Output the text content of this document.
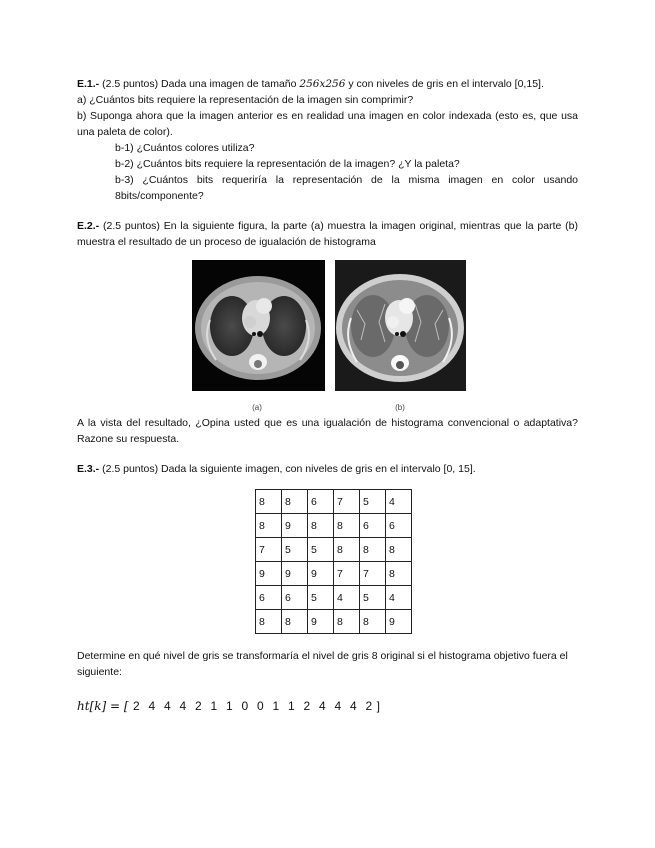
E.1.- (2.5 puntos) Dada una imagen de tamaño 256x256 y con niveles de gris en el intervalo [0,15].

a) ¿Cuántos bits requiere la representación de la imagen sin comprimir?

b) Suponga ahora que la imagen anterior es en realidad una imagen en color indexada (esto es, que usa una paleta de color).

b-1) ¿Cuántos colores utiliza?

b-2) ¿Cuántos bits requiere la representación de la imagen? ¿Y la paleta?

b-3) ¿Cuántos bits requeriría la representación de la misma imagen en color usando 8bits/componente?

E.2.- (2.5 puntos) En la siguiente figura, la parte (a) muestra la imagen original, mientras que la parte (b) muestra el resultado de un proceso de igualación de histograma

(a)	(b)

A la vista del resultado, ¿Opina usted que es una igualación de histograma convencional o adaptativa? Razone su respuesta.

E.3.- (2.5 puntos) Dada la siguiente imagen, con niveles de gris en el intervalo [0, 15].

8	8	6	7	5	4
8	9	8	8	6	6
7	5	5	8	8	8
9	9	9	7	7	8
6	6	5	4	5	4
8	8	9	8	8	9

Determine en qué nivel de gris se transformaría el nivel de gris 8 original si el histograma objetivo fuera el siguiente:

ht[k] = [ 2 4 4 4 2 1 1 0 0 1 1 2 4 4 4 2 ]
